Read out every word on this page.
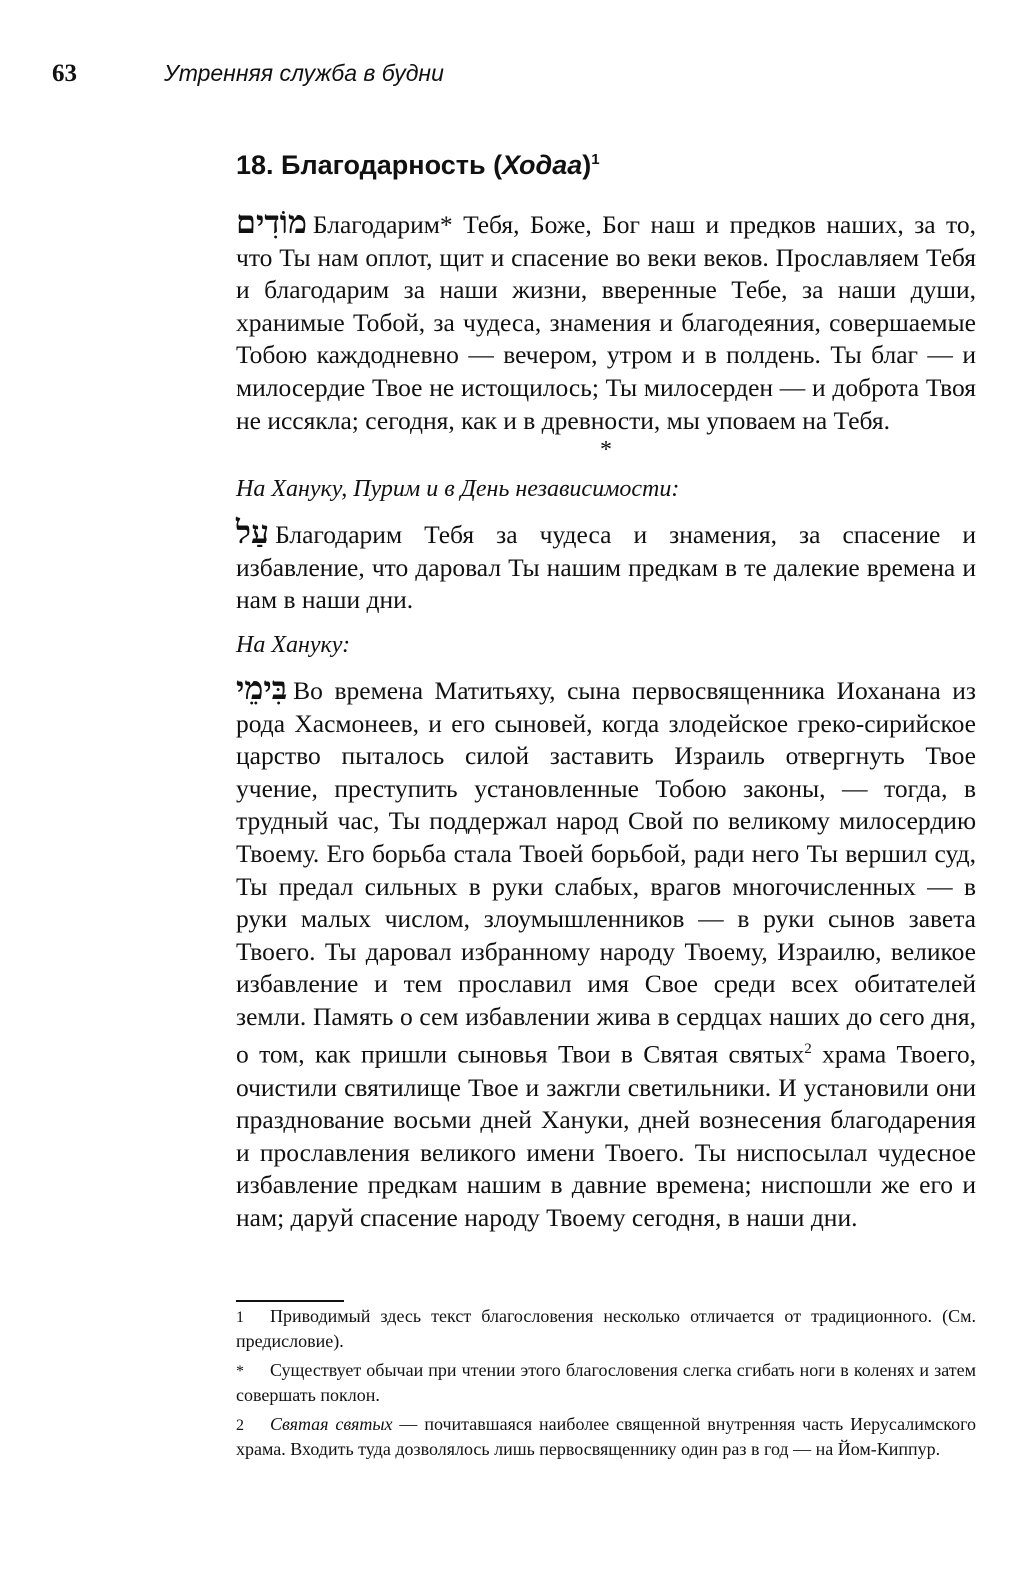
63	Утренняя служба в будни
18. Благодарность (Ходаа)$^1$

מוֹדִים Благодарим* Тебя, Боже, Бог наш и предков наших, за то, что Ты нам оплот, щит и спасение во веки веков. Прославляем Тебя и благодарим за наши жизни, вверенные Тебе, за наши души, хранимые Тобой, за чудеса, знамения и благодеяния, совершаемые Тобою каждодневно — вечером, утром и в полдень. Ты благ — и милосердие Твое не истощилось; Ты милосерден — и доброта Твоя не иссякла; сегодня, как и в древности, мы уповаем на Тебя.

*
На Хануку, Пурим и в День независимости:

עַל Благодарим Тебя за чудеса и знамения, за спасение и избавление, что даровал Ты нашим предкам в те далекие времена и нам в наши дни.

На Хануку:

בִּימֵי Во времена Матитьяху, сына первосвященника Иоханана из рода Хасмонеев, и его сыновей, когда злодейское греко-сирийское царство пыталось силой заставить Израиль отвергнуть Твое учение, преступить установленные Тобою законы, — тогда, в трудный час, Ты поддержал народ Свой по великому милосердию Твоему. Его борьба стала Твоей борьбой, ради него Ты вершил суд, Ты предал сильных в руки слабых, врагов многочисленных — в руки малых числом, злоумышленников — в руки сынов завета Твоего. Ты даровал избранному народу Твоему, Израилю, великое избавление и тем прославил имя Свое среди всех обитателей земли. Память о сем избавлении жива в сердцах наших до сего дня, о том, как пришли сыновья Твои в Святая святых$^2$ храма Твоего, очистили святилище Твое и зажгли светильники. И установили они празднование восьми дней Хануки, дней вознесения благодарения и прославления великого имени Твоего. Ты ниспосылал чудесное избавление предкам нашим в давние времена; ниспошли же его и нам; даруй спасение народу Твоему сегодня, в наши дни.

1 Приводимый здесь текст благословения несколько отличается от традиционного. (См. предисловие).

* Существует обычаи при чтении этого благословения слегка сгибать ноги в коленях и затем совершать поклон.

2 Святая святых — почитавшаяся наиболее священной внутренняя часть Иерусалимского храма. Входить туда дозволялось лишь первосвященнику один раз в год — на Йом-Киппур.
